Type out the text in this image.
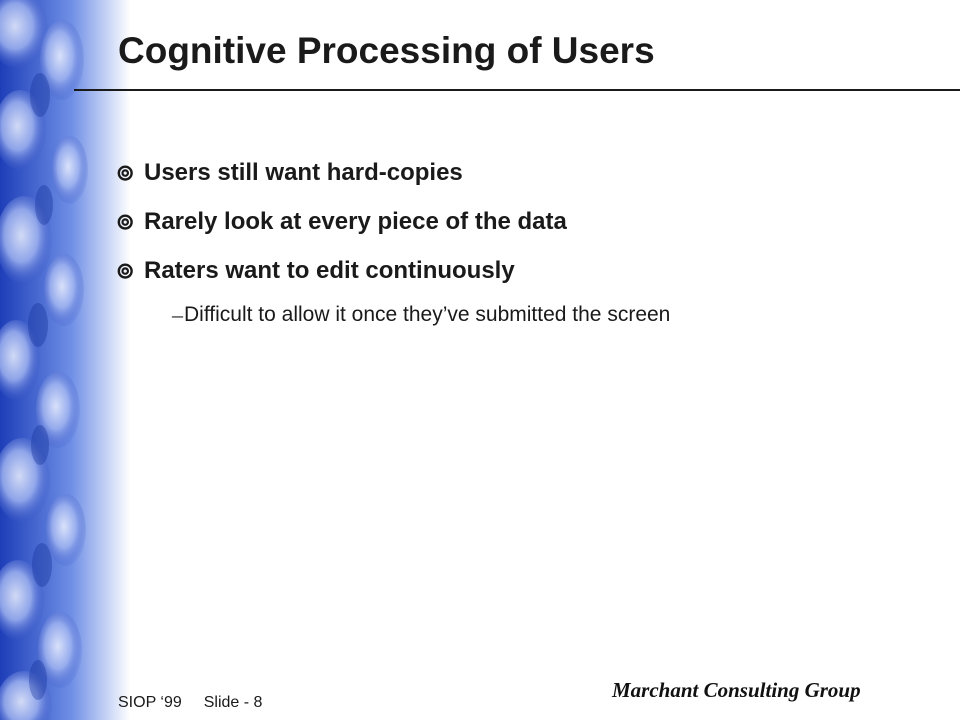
Cognitive Processing of Users
⊚ Users still want hard-copies
⊚ Rarely look at every piece of the data
⊚ Raters want to edit continuously
– Difficult to allow it once they’ve submitted the screen
Marchant Consulting Group
SIOP ‘99 Slide - 8
